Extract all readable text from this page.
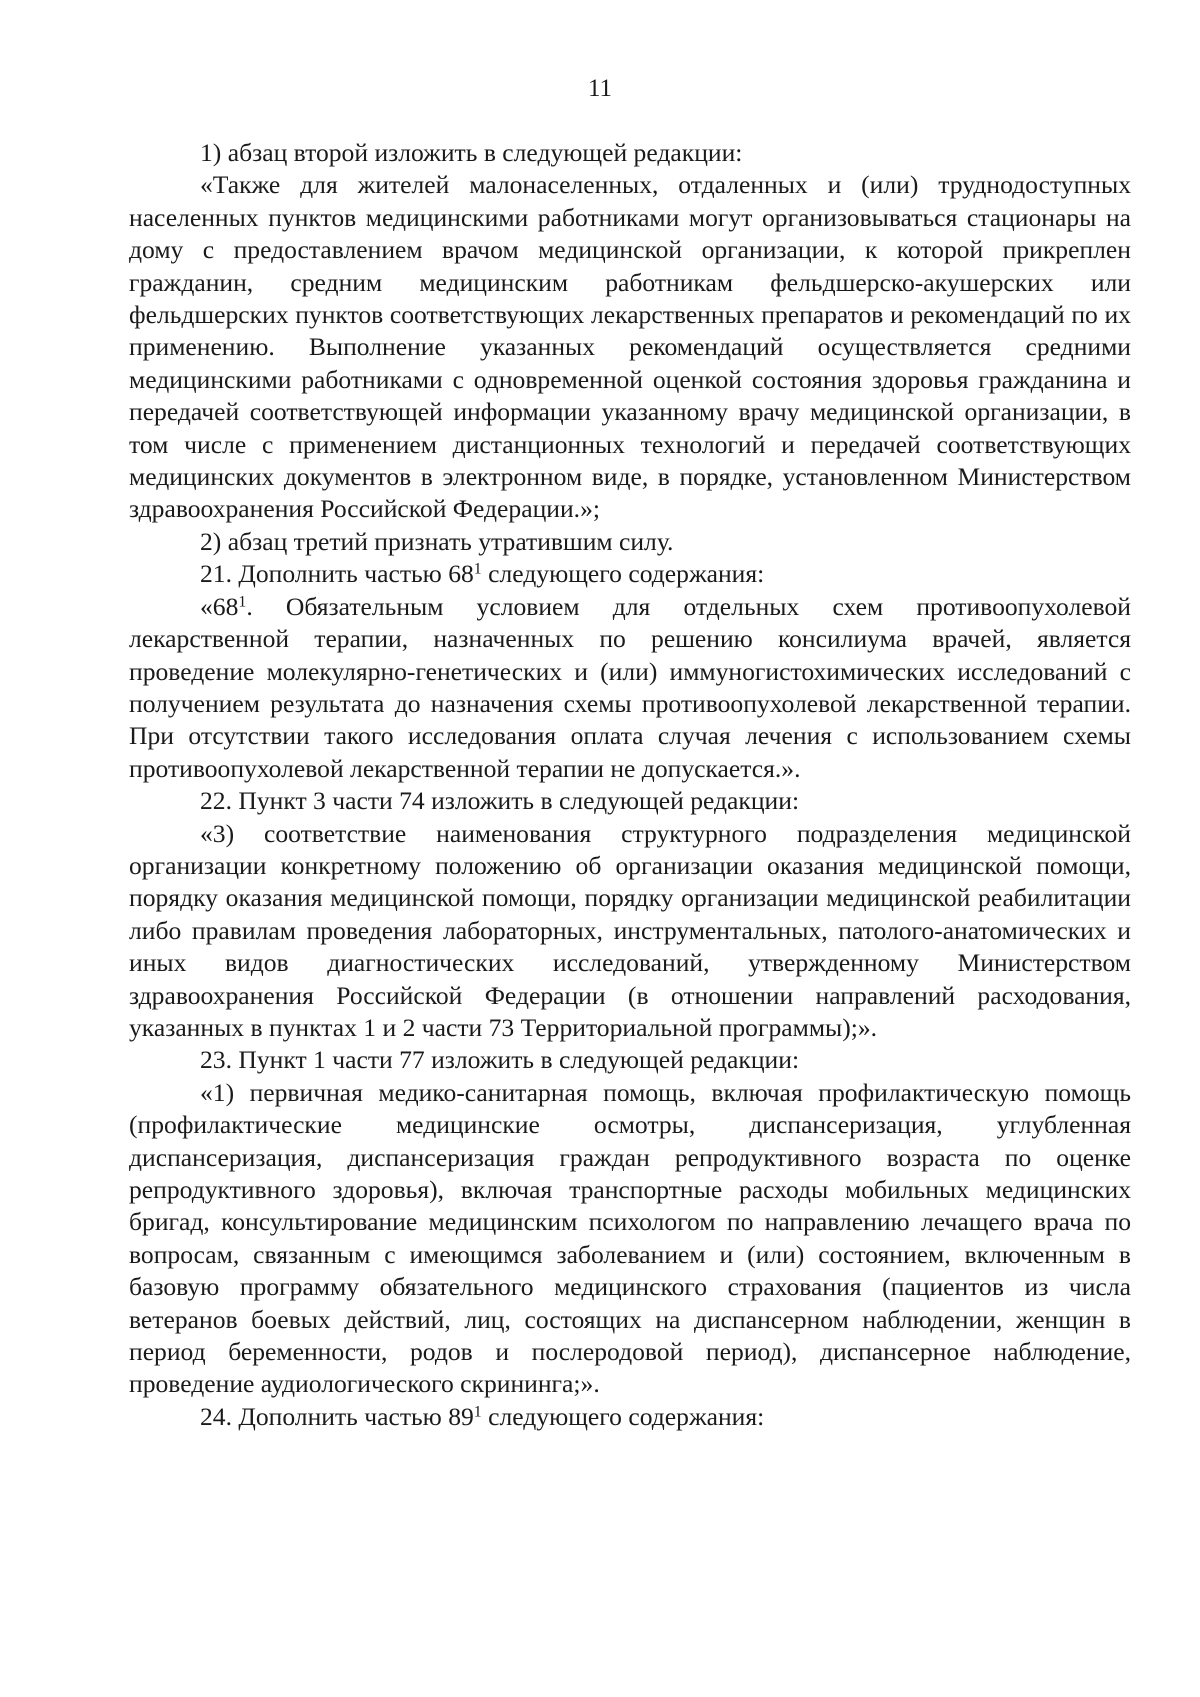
11

1) абзац второй изложить в следующей редакции:

«Также для жителей малонаселенных, отдаленных и (или) труднодоступных населенных пунктов медицинскими работниками могут организовываться стационары на дому с предоставлением врачом медицинской организации, к которой прикреплен гражданин, средним медицинским работникам фельдшерско-акушерских или фельдшерских пунктов соответствующих лекарственных препаратов и рекомендаций по их применению. Выполнение указанных рекомендаций осуществляется средними медицинскими работниками с одновременной оценкой состояния здоровья гражданина и передачей соответствующей информации указанному врачу медицинской организации, в том числе с применением дистанционных технологий и передачей соответствующих медицинских документов в электронном виде, в порядке, установленном Министерством здравоохранения Российской Федерации.»;

2) абзац третий признать утратившим силу.

21. Дополнить частью $68^1$ следующего содержания:

«$68^1$. Обязательным условием для отдельных схем противоопухолевой лекарственной терапии, назначенных по решению консилиума врачей, является проведение молекулярно-генетических и (или) иммуногистохимических исследований с получением результата до назначения схемы противоопухолевой лекарственной терапии. При отсутствии такого исследования оплата случая лечения с использованием схемы противоопухолевой лекарственной терапии не допускается.».

22. Пункт 3 части 74 изложить в следующей редакции:

«3) соответствие наименования структурного подразделения медицинской организации конкретному положению об организации оказания медицинской помощи, порядку оказания медицинской помощи, порядку организации медицинской реабилитации либо правилам проведения лабораторных, инструментальных, патолого-анатомических и иных видов диагностических исследований, утвержденному Министерством здравоохранения Российской Федерации (в отношении направлений расходования, указанных в пунктах 1 и 2 части 73 Территориальной программы);».

23. Пункт 1 части 77 изложить в следующей редакции:

«1) первичная медико-санитарная помощь, включая профилактическую помощь (профилактические медицинские осмотры, диспансеризация, углубленная диспансеризация, диспансеризация граждан репродуктивного возраста по оценке репродуктивного здоровья), включая транспортные расходы мобильных медицинских бригад, консультирование медицинским психологом по направлению лечащего врача по вопросам, связанным с имеющимся заболеванием и (или) состоянием, включенным в базовую программу обязательного медицинского страхования (пациентов из числа ветеранов боевых действий, лиц, состоящих на диспансерном наблюдении, женщин в период беременности, родов и послеродовой период), диспансерное наблюдение, проведение аудиологического скрининга;».

24. Дополнить частью $89^1$ следующего содержания:
